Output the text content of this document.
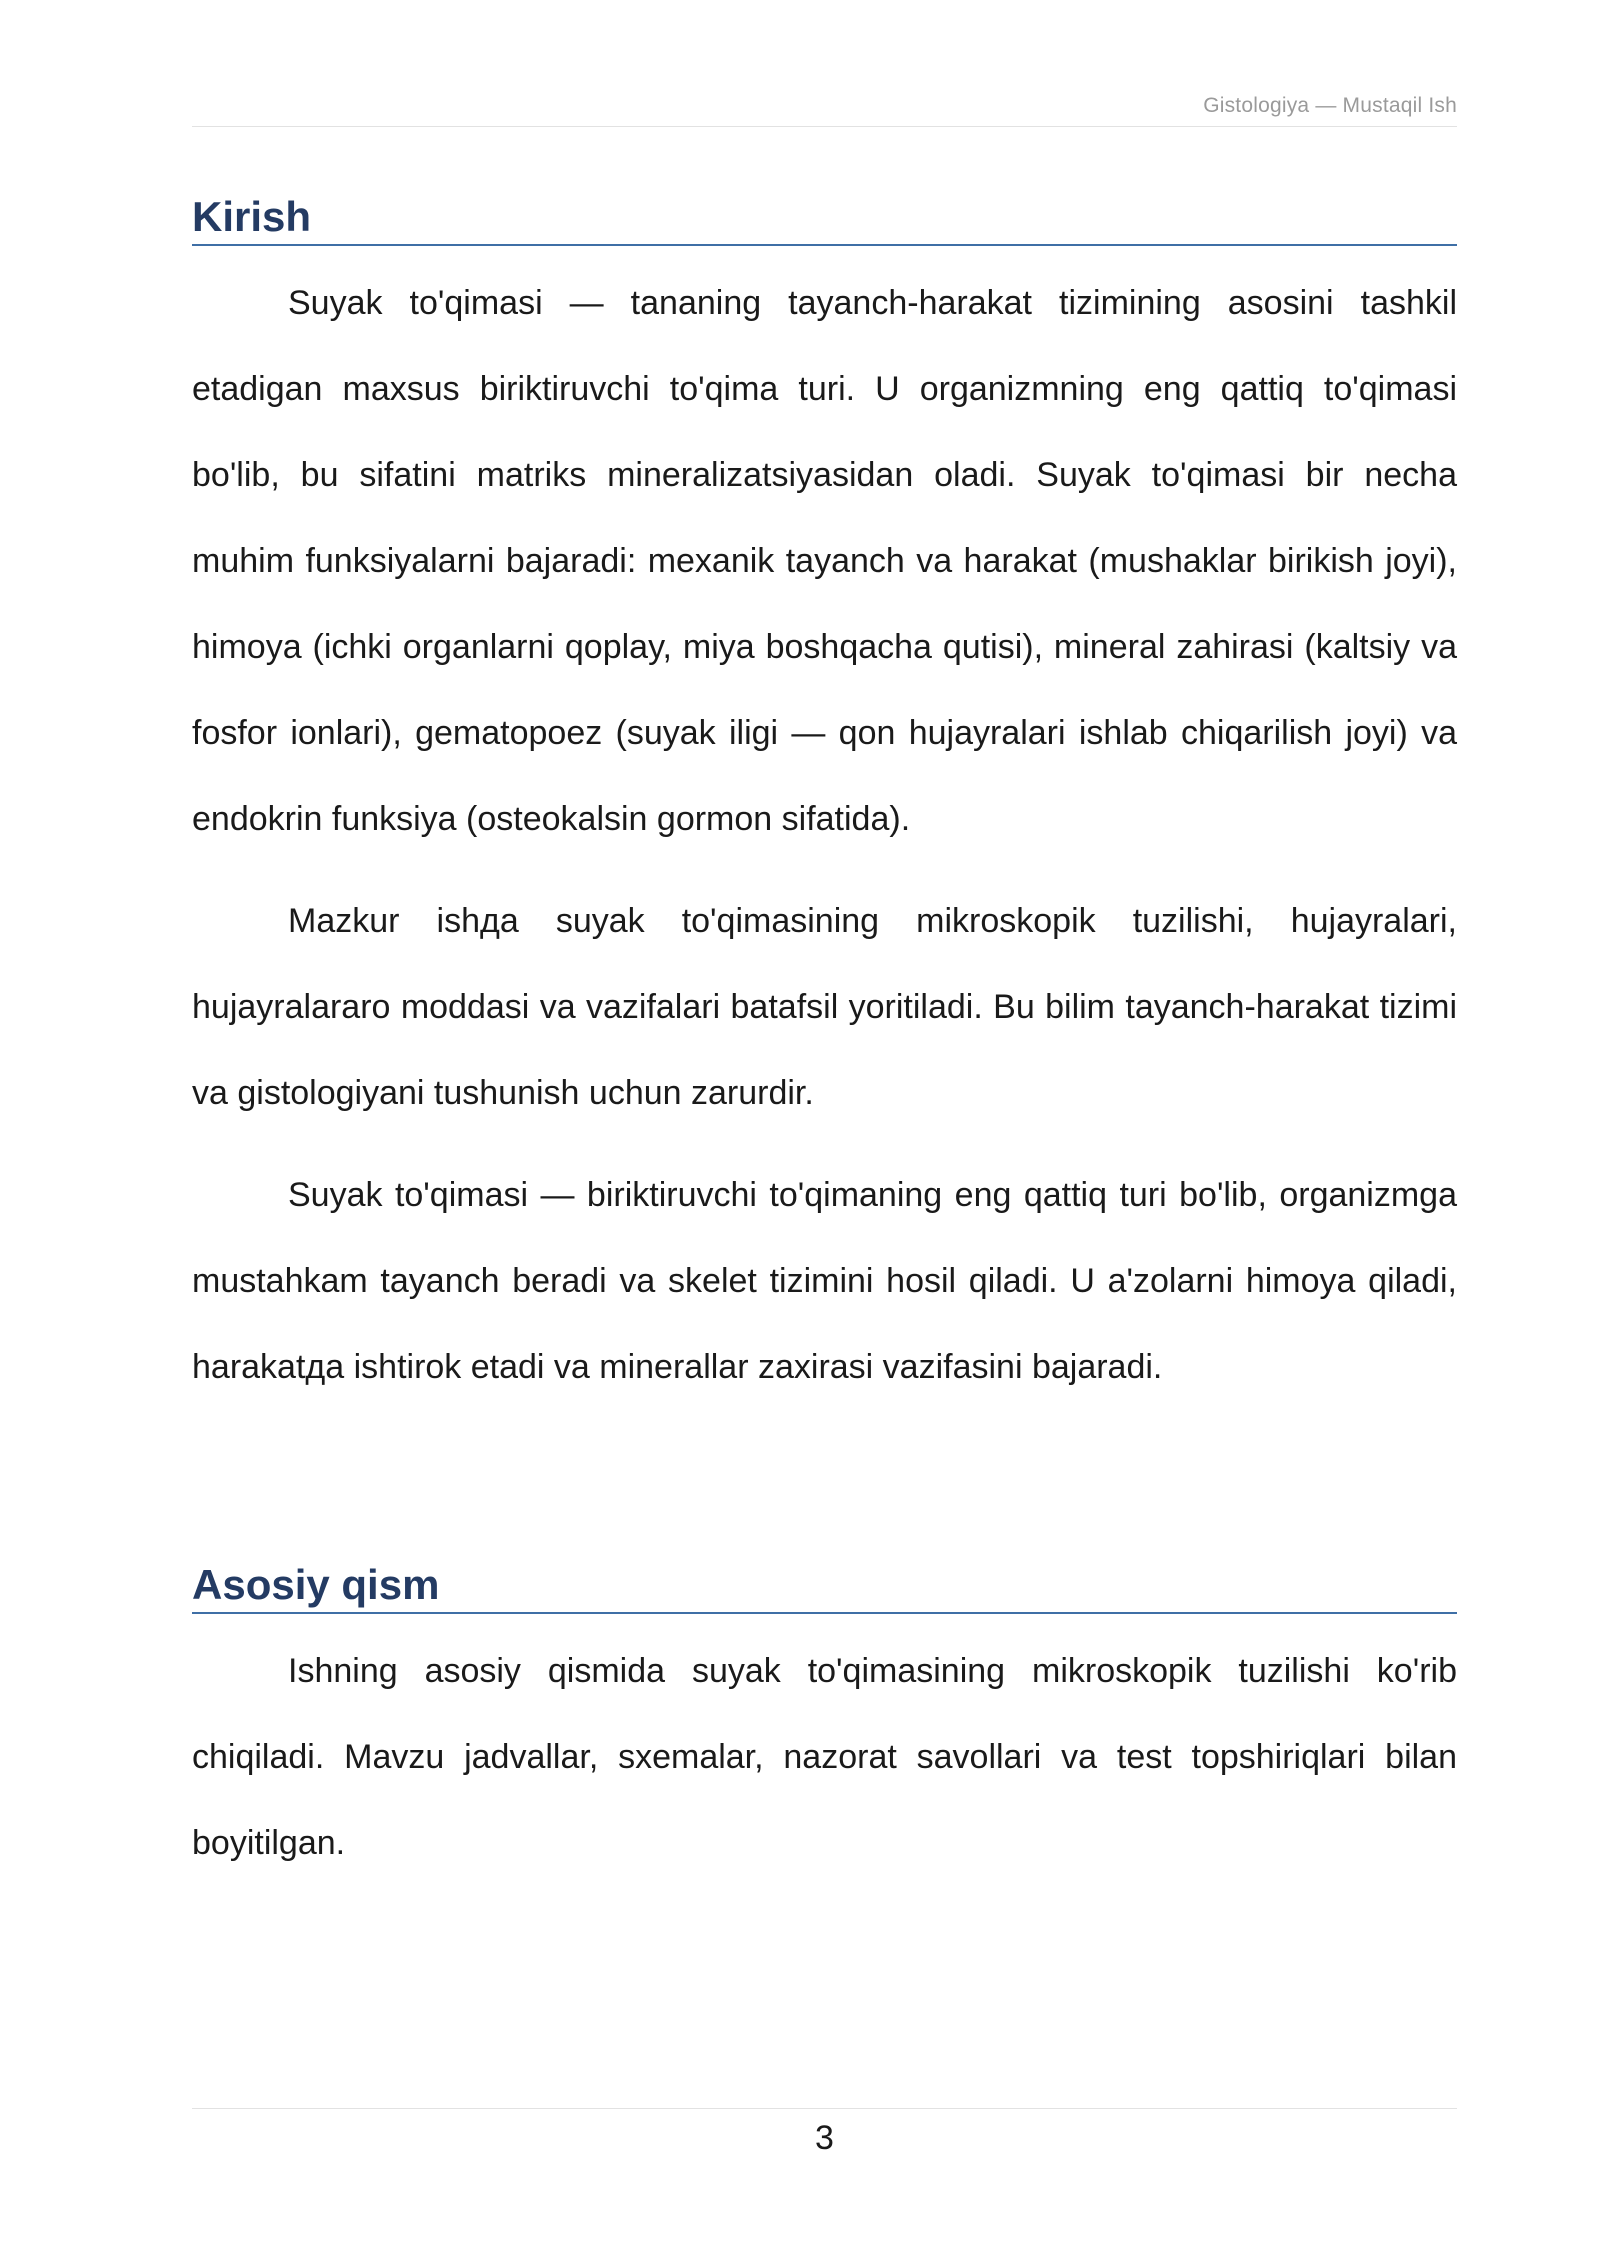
Gistologiya — Mustaqil Ish
Kirish

Suyak to'qimasi — tananing tayanch-harakat tizimining asosini tashkil etadigan maxsus biriktiruvchi to'qima turi. U organizmning eng qattiq to'qimasi bo'lib, bu sifatini matriks mineralizatsiyasidan oladi. Suyak to'qimasi bir necha muhim funksiyalarni bajaradi: mexanik tayanch va harakat (mushaklar birikish joyi), himoya (ichki organlarni qoplay, miya boshqacha qutisi), mineral zahirasi (kaltsiy va fosfor ionlari), gematopoez (suyak iligi — qon hujayralari ishlab chiqarilish joyi) va endokrin funksiya (osteokalsin gormon sifatida).

Mazkur ishда suyak to'qimasining mikroskopik tuzilishi, hujayralari, hujayralararo moddasi va vazifalari batafsil yoritiladi. Bu bilim tayanch-harakat tizimi va gistologiyani tushunish uchun zarurdir.

Suyak to'qimasi — biriktiruvchi to'qimaning eng qattiq turi bo'lib, organizmga mustahkam tayanch beradi va skelet tizimini hosil qiladi. U a'zolarni himoya qiladi, harakatда ishtirok etadi va minerallar zaxirasi vazifasini bajaradi.

Asosiy qism

Ishning asosiy qismida suyak to'qimasining mikroskopik tuzilishi ko'rib chiqiladi. Mavzu jadvallar, sxemalar, nazorat savollari va test topshiriqlari bilan boyitilgan.

3
